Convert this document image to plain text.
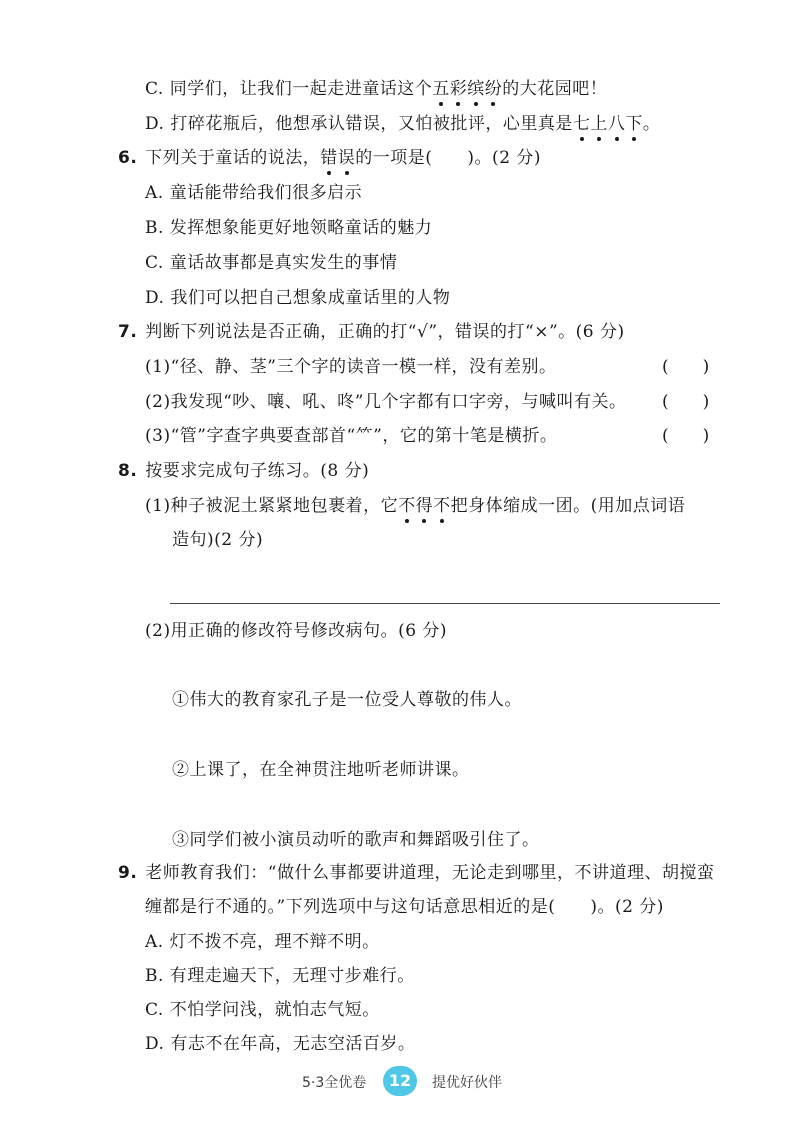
C. 同学们，让我们一起走进童话这个五彩缤纷的大花园吧！
D. 打碎花瓶后，他想承认错误，又怕被批评，心里真是七上八下。
6. 下列关于童话的说法，错误的一项是(　　)。(2 分)
A. 童话能带给我们很多启示
B. 发挥想象能更好地领略童话的魅力
C. 童话故事都是真实发生的事情
D. 我们可以把自己想象成童话里的人物
7. 判断下列说法是否正确，正确的打“√”，错误的打“×”。(6 分)
(1)“径、静、茎”三个字的读音一模一样，没有差别。	(　　)
(2)我发现“吵、嚷、吼、咚”几个字都有口字旁，与喊叫有关。 (　　)
(3)“管”字查字典要查部首“⺮”，它的第十笔是横折。	(　　)
8. 按要求完成句子练习。(8 分)
(1)种子被泥土紧紧地包裹着，它不得不把身体缩成一团。(用加点词语
造句)(2 分)
(2)用正确的修改符号修改病句。(6 分)
①伟大的教育家孔子是一位受人尊敬的伟人。
②上课了，在全神贯注地听老师讲课。
③同学们被小演员动听的歌声和舞蹈吸引住了。
9. 老师教育我们：“做什么事都要讲道理，无论走到哪里，不讲道理、胡搅蛮
缠都是行不通的。”下列选项中与这句话意思相近的是(　　)。(2 分)
A. 灯不拨不亮，理不辩不明。
B. 有理走遍天下，无理寸步难行。
C. 不怕学问浅，就怕志气短。
D. 有志不在年高，无志空活百岁。
5·3全优卷	12	提优好伙伴
